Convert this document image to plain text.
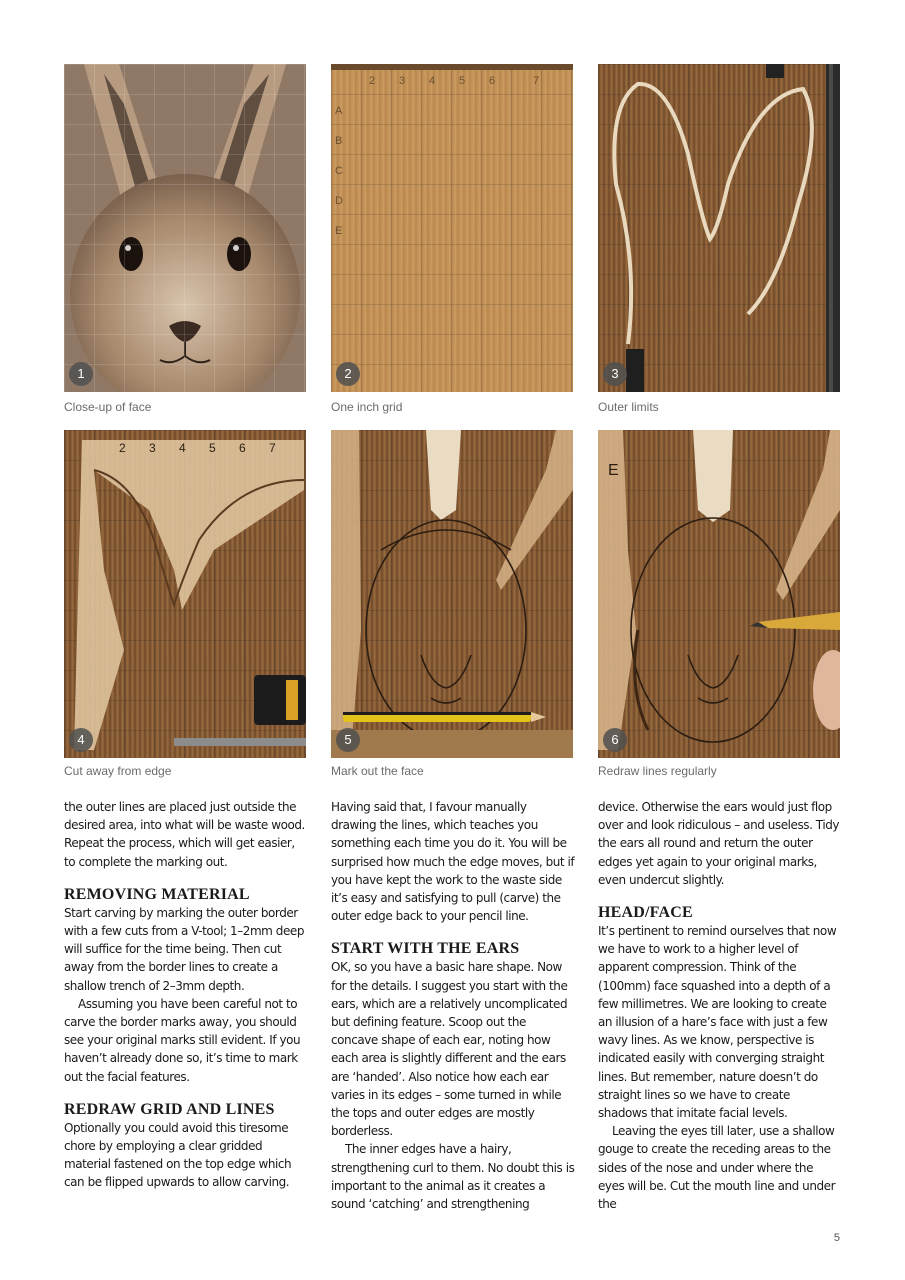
1
Close-up of face
2 3 4 5 6	7
A
B
C
D
E
2
One inch grid
3
Outer limits
2 3 4 5 6 7
4
Cut away from edge
5
Mark out the face
E
6
Redraw lines regularly

the outer lines are placed just outside the desired area, into what will be waste wood. Repeat the process, which will get easier, to complete the marking out.

REMOVING MATERIAL

Start carving by marking the outer border with a few cuts from a V-tool; 1–2mm deep will suffice for the time being. Then cut away from the border lines to create a shallow trench of 2–3mm depth.

Assuming you have been careful not to carve the border marks away, you should see your original marks still evident. If you haven’t already done so, it’s time to mark out the facial features.

REDRAW GRID AND LINES

Optionally you could avoid this tiresome chore by employing a clear gridded material fastened on the top edge which can be flipped upwards to allow carving.

Having said that, I favour manually drawing the lines, which teaches you something each time you do it. You will be surprised how much the edge moves, but if you have kept the work to the waste side it’s easy and satisfying to pull (carve) the outer edge back to your pencil line.

START WITH THE EARS

OK, so you have a basic hare shape. Now for the details. I suggest you start with the ears, which are a relatively uncomplicated but defining feature. Scoop out the concave shape of each ear, noting how each area is slightly different and the ears are ‘handed’. Also notice how each ear varies in its edges – some turned in while the tops and outer edges are mostly borderless.

The inner edges have a hairy, strengthening curl to them. No doubt this is important to the animal as it creates a sound ‘catching’ and strengthening

device. Otherwise the ears would just flop over and look ridiculous – and useless. Tidy the ears all round and return the outer edges yet again to your original marks, even undercut slightly.

HEAD/FACE

It’s pertinent to remind ourselves that now we have to work to a higher level of apparent compression. Think of the (100mm) face squashed into a depth of a few millimetres. We are looking to create an illusion of a hare’s face with just a few wavy lines. As we know, perspective is indicated easily with converging straight lines. But remember, nature doesn’t do straight lines so we have to create shadows that imitate facial levels.

Leaving the eyes till later, use a shallow gouge to create the receding areas to the sides of the nose and under where the eyes will be. Cut the mouth line and under the

5
